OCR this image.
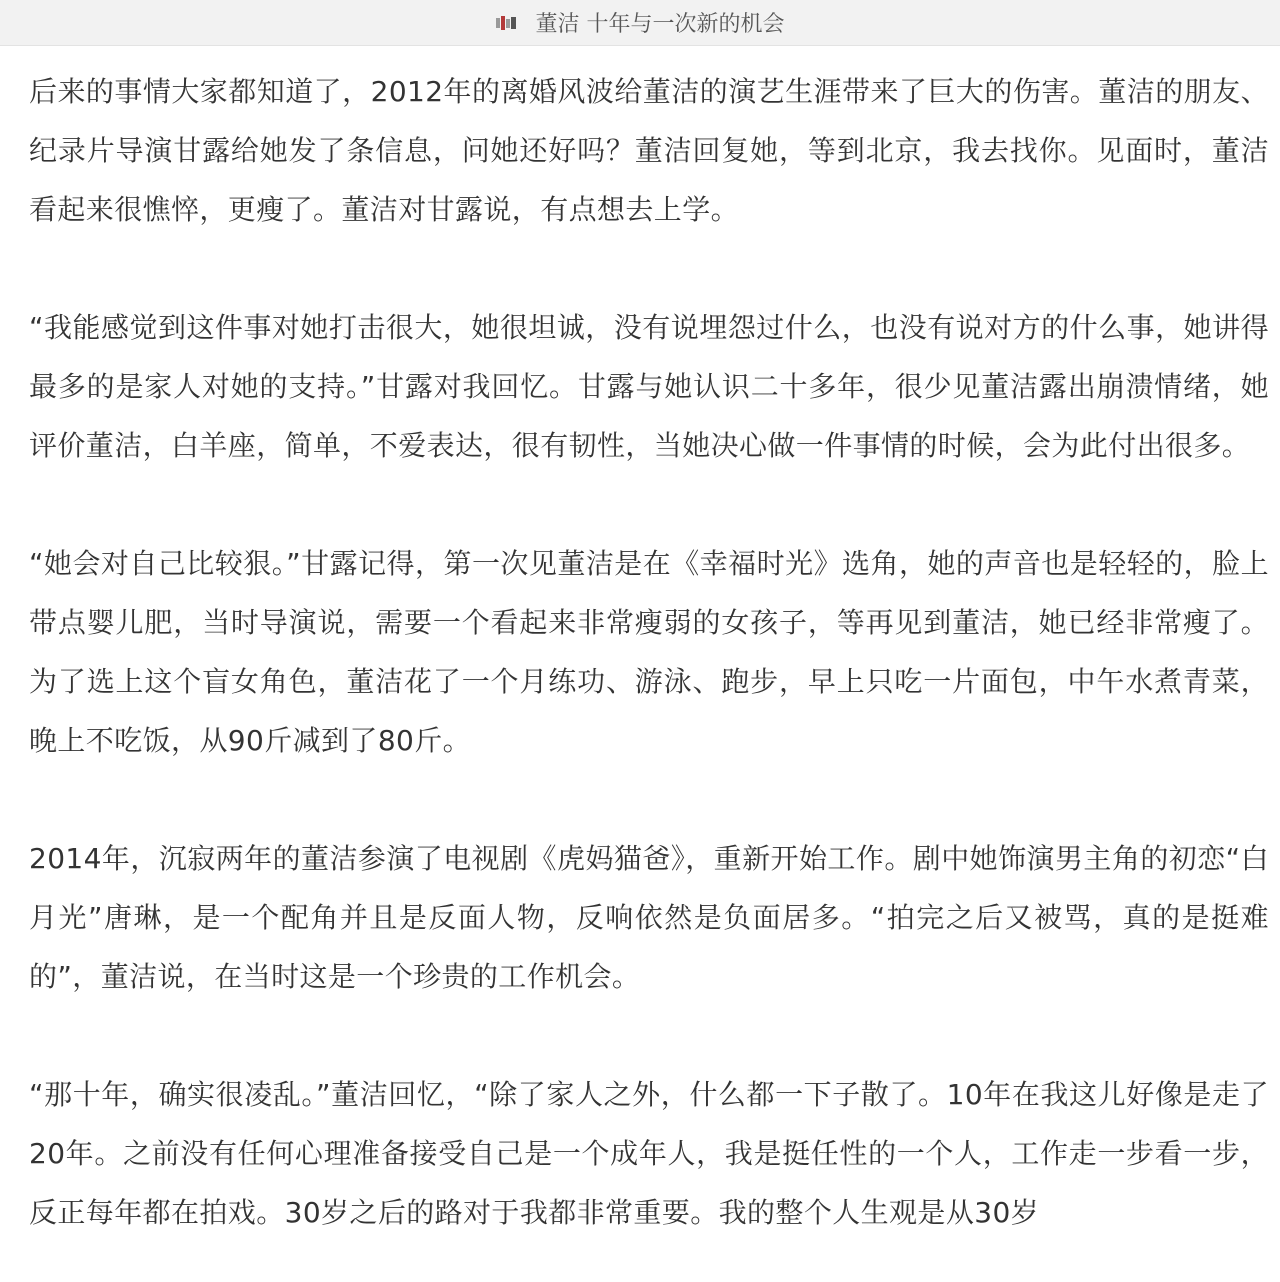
董洁 十年与一次新的机会

后来的事情大家都知道了，2012年的离婚风波给董洁的演艺生涯带来了巨大的伤害。董洁的朋友、纪录片导演甘露给她发了条信息，问她还好吗？董洁回复她，等到北京，我去找你。见面时，董洁看起来很憔悴，更瘦了。董洁对甘露说，有点想去上学。

“我能感觉到这件事对她打击很大，她很坦诚，没有说埋怨过什么，也没有说对方的什么事，她讲得最多的是家人对她的支持。”甘露对我回忆。甘露与她认识二十多年，很少见董洁露出崩溃情绪，她评价董洁，白羊座，简单，不爱表达，很有韧性，当她决心做一件事情的时候，会为此付出很多。

“她会对自己比较狠。”甘露记得，第一次见董洁是在《幸福时光》选角，她的声音也是轻轻的，脸上带点婴儿肥，当时导演说，需要一个看起来非常瘦弱的女孩子，等再见到董洁，她已经非常瘦了。为了选上这个盲女角色，董洁花了一个月练功、游泳、跑步，早上只吃一片面包，中午水煮青菜，晚上不吃饭，从90斤减到了80斤。

2014年，沉寂两年的董洁参演了电视剧《虎妈猫爸》，重新开始工作。剧中她饰演男主角的初恋“白月光”唐琳，是一个配角并且是反面人物，反响依然是负面居多。“拍完之后又被骂，真的是挺难的”，董洁说，在当时这是一个珍贵的工作机会。

“那十年，确实很凌乱。”董洁回忆，“除了家人之外，什么都一下子散了。10年在我这儿好像是走了20年。之前没有任何心理准备接受自己是一个成年人，我是挺任性的一个人，工作走一步看一步，反正每年都在拍戏。30岁之后的路对于我都非常重要。我的整个人生观是从30岁
